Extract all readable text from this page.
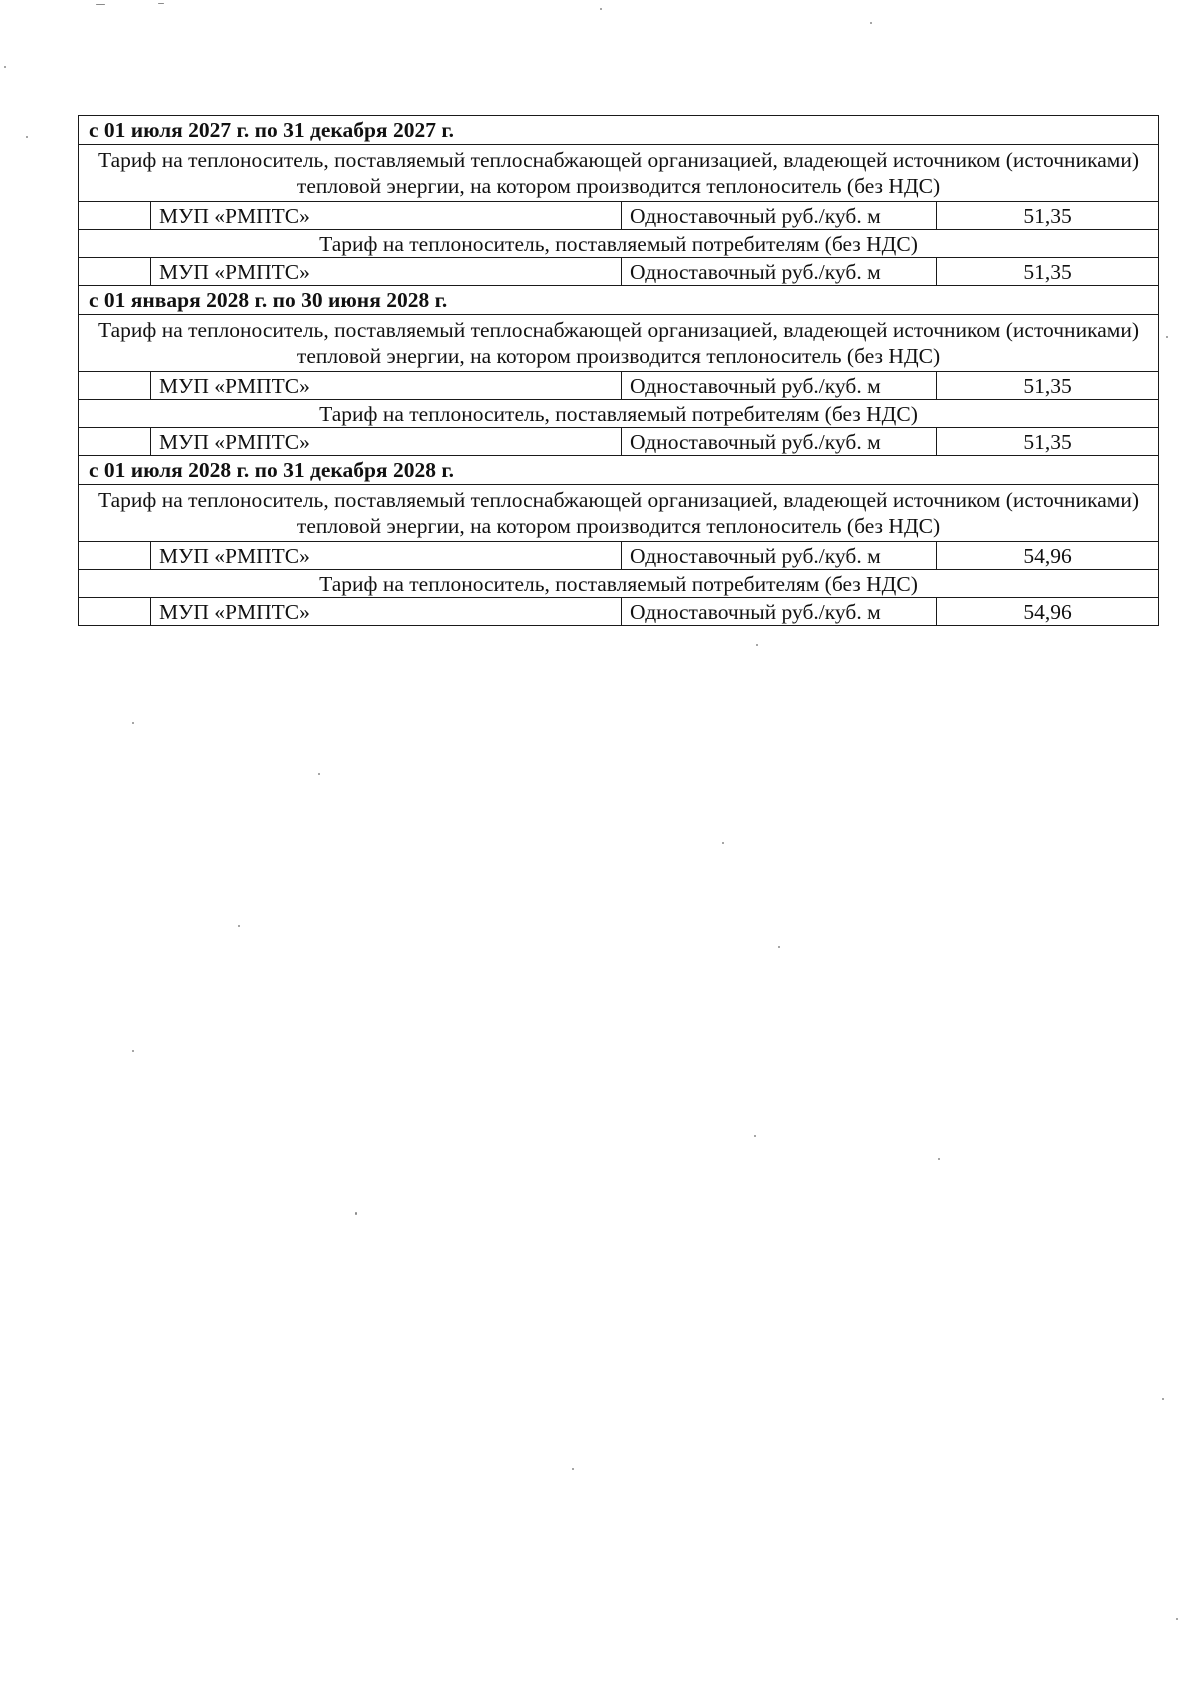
с 01 июля 2027 г. по 31 декабря 2027 г.			
Тариф на теплоноситель, поставляемый теплоснабжающей организацией, владеющей источником (источниками) тепловой энергии, на котором производится теплоноситель (без НДС)			
	МУП «РМПТС»	Одноставочный руб./куб. м	51,35
Тариф на теплоноситель, поставляемый потребителям (без НДС)			
	МУП «РМПТС»	Одноставочный руб./куб. м	51,35
с 01 января 2028 г. по 30 июня 2028 г.			
Тариф на теплоноситель, поставляемый теплоснабжающей организацией, владеющей источником (источниками) тепловой энергии, на котором производится теплоноситель (без НДС)			
	МУП «РМПТС»	Одноставочный руб./куб. м	51,35
Тариф на теплоноситель, поставляемый потребителям (без НДС)			
	МУП «РМПТС»	Одноставочный руб./куб. м	51,35
с 01 июля 2028 г. по 31 декабря 2028 г.			
Тариф на теплоноситель, поставляемый теплоснабжающей организацией, владеющей источником (источниками) тепловой энергии, на котором производится теплоноситель (без НДС)			
	МУП «РМПТС»	Одноставочный руб./куб. м	54,96
Тариф на теплоноситель, поставляемый потребителям (без НДС)			
	МУП «РМПТС»	Одноставочный руб./куб. м	54,96
